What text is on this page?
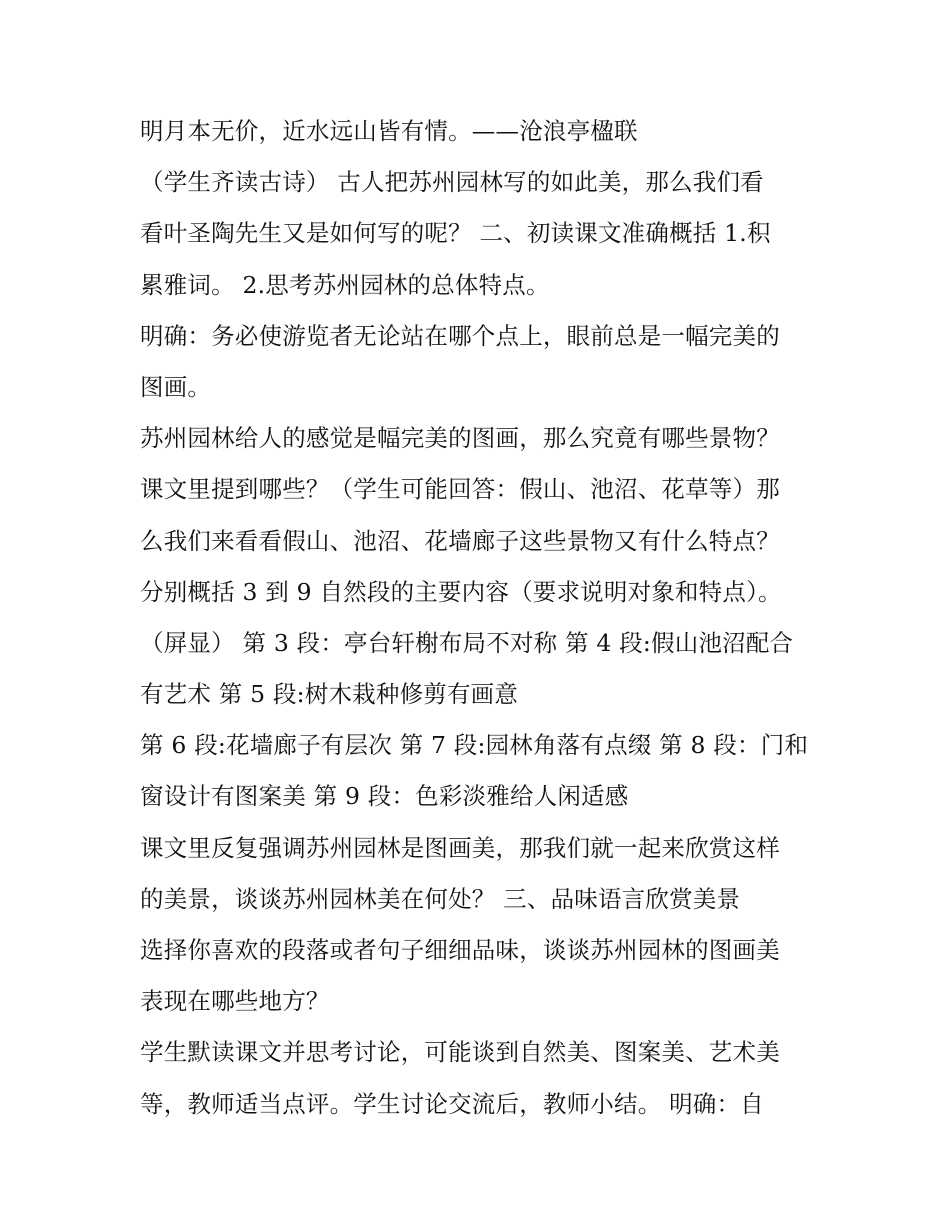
明月本无价，近水远山皆有情。——沧浪亭楹联
（学生齐读古诗） 古人把苏州园林写的如此美，那么我们看
看叶圣陶先生又是如何写的呢？ 二、初读课文准确概括 1.积
累雅词。 2.思考苏州园林的总体特点。
明确：务必使游览者无论站在哪个点上，眼前总是一幅完美的
图画。
苏州园林给人的感觉是幅完美的图画，那么究竟有哪些景物？
课文里提到哪些？（学生可能回答：假山、池沼、花草等）那
么我们来看看假山、池沼、花墙廊子这些景物又有什么特点？
分别概括 3 到 9 自然段的主要内容（要求说明对象和特点）。
（屏显） 第 3 段：亭台轩榭布局不对称 第 4 段:假山池沼配合
有艺术 第 5 段:树木栽种修剪有画意
第 6 段:花墙廊子有层次 第 7 段:园林角落有点缀 第 8 段：门和
窗设计有图案美 第 9 段：色彩淡雅给人闲适感
课文里反复强调苏州园林是图画美，那我们就一起来欣赏这样
的美景，谈谈苏州园林美在何处？ 三、品味语言欣赏美景
选择你喜欢的段落或者句子细细品味，谈谈苏州园林的图画美
表现在哪些地方？
学生默读课文并思考讨论，可能谈到自然美、图案美、艺术美
等，教师适当点评。学生讨论交流后，教师小结。 明确：自
